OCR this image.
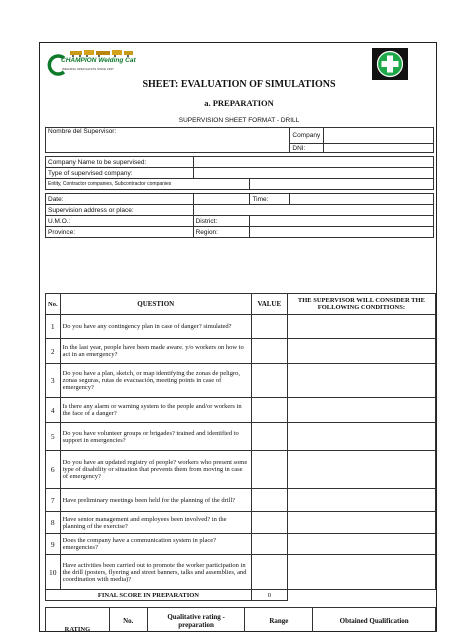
CHAMPION Welding Cat
WELDING SPECIALISTS SINCE 1997
SHEET: EVALUATION OF SIMULATIONS
a. PREPARATION
SUPERVISION SHEET FORMAT - DRILL
Nombre del Supervisor:			Company	
			DNI:	

Company Name to be supervised:				
Type of supervised company:				
Entity, Contractor companies, Subcontractor companies				

Date:		Time:		
Supervision address or place:				
U.M.O.:	District:			
Province:	Region:			
No.	QUESTION	VALUE	THE SUPERVISOR WILL CONSIDER THE FOLLOWING CONDITIONS:
1	Do you have any contingency plan in case of danger? simulated?		
2	In the last year, people have been made aware. y/o workers on how to act in an emergency?		
3	Do you have a plan, sketch, or map identifying the zonas de peligro, zonas seguras, rutas de evacuación, meeting points in case of emergency?		
4	Is there any alarm or warning system to the people and/or workers in the face of a danger?		
5	Do you have volunteer groups or brigades? trained and identified to support in emergencies?		
6	Do you have an updated registry of people? workers who present some type of disability or situation that prevents them from moving in case of emergency?		
7	Have preliminary meetings been held for the planning of the drill?		
8	Have senior management and employees been involved? in the planning of the exercise?		
9	Does the company have a communication system in place? emergencies?		
10	Have activities been carried out to promote the worker participation in the drill (posters, flyering and street banners, talks and assemblies, and coordination with media)?		
FINAL SCORE IN PREPARATION		0	
RATING	No.	Qualitative rating - preparation	Range	Obtained Qualification
